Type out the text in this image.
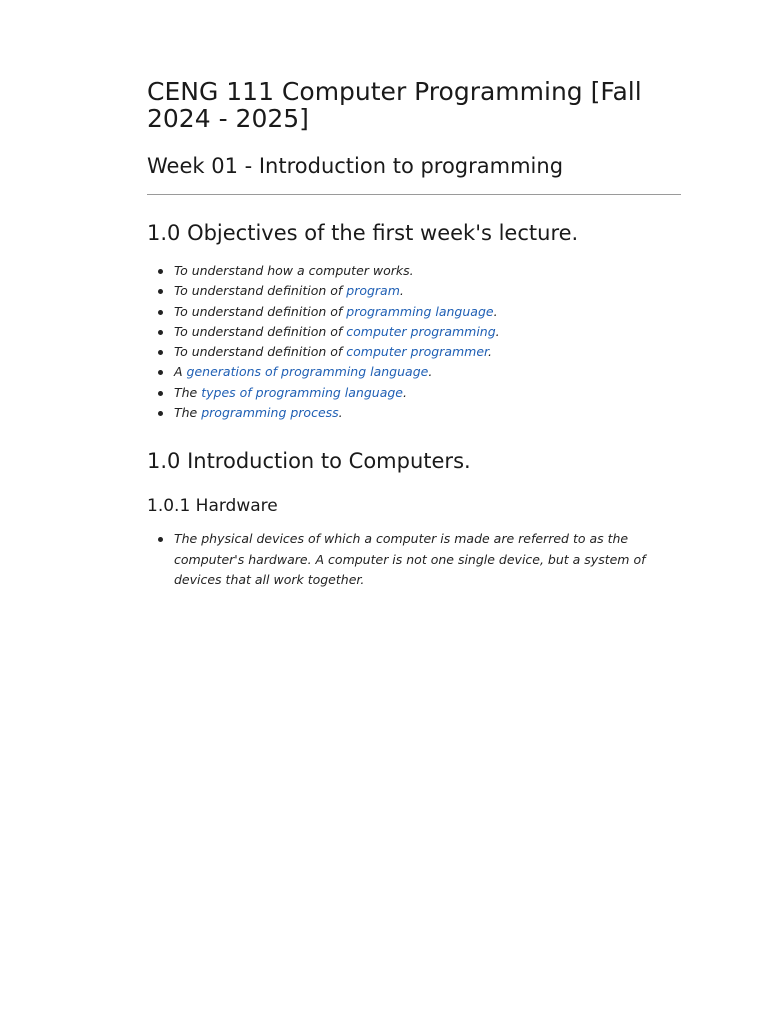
CENG 111 Computer Programming [Fall 2024 - 2025]
Week 01 - Introduction to programming
1.0 Objectives of the first week's lecture.
To understand how a computer works.
To understand definition of program.
To understand definition of programming language.
To understand definition of computer programming.
To understand definition of computer programmer.
A generations of programming language.
The types of programming language.
The programming process.
1.0 Introduction to Computers.
1.0.1 Hardware
The physical devices of which a computer is made are referred to as the computer's hardware. A computer is not one single device, but a system of devices that all work together.
